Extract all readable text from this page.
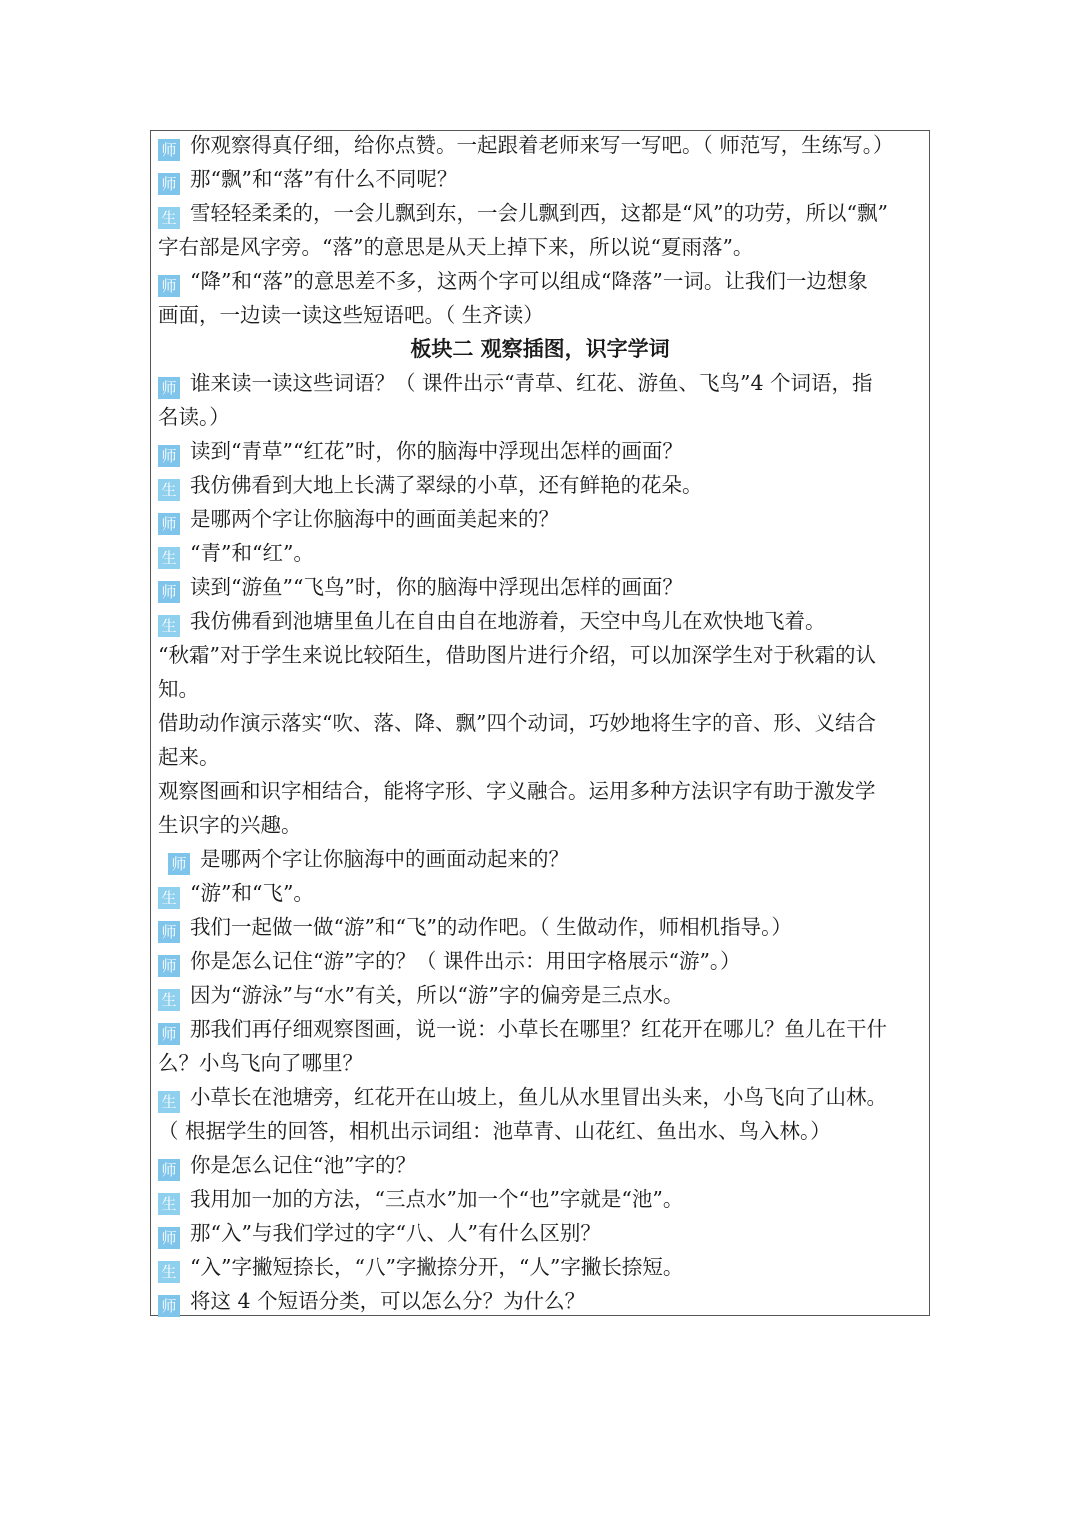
板块二 观察插图，识字学词
师 你观察得真仔细，给你点赞。一起跟着老师来写一写吧。（ 师范写，生练写。）
师 那“飘”和“落”有什么不同呢？
生 雪轻轻柔柔的，一会儿飘到东，一会儿飘到西，这都是“风”的功劳，所以“飘”
字右部是风字旁。“落”的意思是从天上掉下来，所以说“夏雨落”。
师 “降”和“落”的意思差不多，这两个字可以组成“降落”一词。让我们一边想象
画面，一边读一读这些短语吧。（ 生齐读）
师 谁来读一读这些词语？（ 课件出示“青草、红花、游鱼、飞鸟”4 个词语，指
名读。）
师 读到“青草”“红花”时，你的脑海中浮现出怎样的画面？
生 我仿佛看到大地上长满了翠绿的小草，还有鲜艳的花朵。
师 是哪两个字让你脑海中的画面美起来的？
生 “青”和“红”。
师 读到“游鱼”“飞鸟”时，你的脑海中浮现出怎样的画面？
生 我仿佛看到池塘里鱼儿在自由自在地游着，天空中鸟儿在欢快地飞着。
“秋霜”对于学生来说比较陌生，借助图片进行介绍，可以加深学生对于秋霜的认
知。
借助动作演示落实“吹、落、降、飘”四个动词，巧妙地将生字的音、形、义结合
起来。
观察图画和识字相结合，能将字形、字义融合。运用多种方法识字有助于激发学
生识字的兴趣。
师 是哪两个字让你脑海中的画面动起来的？
生 “游”和“飞”。
师 我们一起做一做“游”和“飞”的动作吧。（ 生做动作，师相机指导。）
师 你是怎么记住“游”字的？（ 课件出示：用田字格展示“游”。）
生 因为“游泳”与“水”有关，所以“游”字的偏旁是三点水。
师 那我们再仔细观察图画，说一说：小草长在哪里？红花开在哪儿？鱼儿在干什
么？小鸟飞向了哪里？
生 小草长在池塘旁，红花开在山坡上，鱼儿从水里冒出头来，小鸟飞向了山林。
（ 根据学生的回答，相机出示词组：池草青、山花红、鱼出水、鸟入林。）
师 你是怎么记住“池”字的？
生 我用加一加的方法，“三点水”加一个“也”字就是“池”。
师 那“入”与我们学过的字“八、人”有什么区别？
生 “入”字撇短捺长，“八”字撇捺分开，“人”字撇长捺短。
师 将这 4 个短语分类，可以怎么分？为什么？
